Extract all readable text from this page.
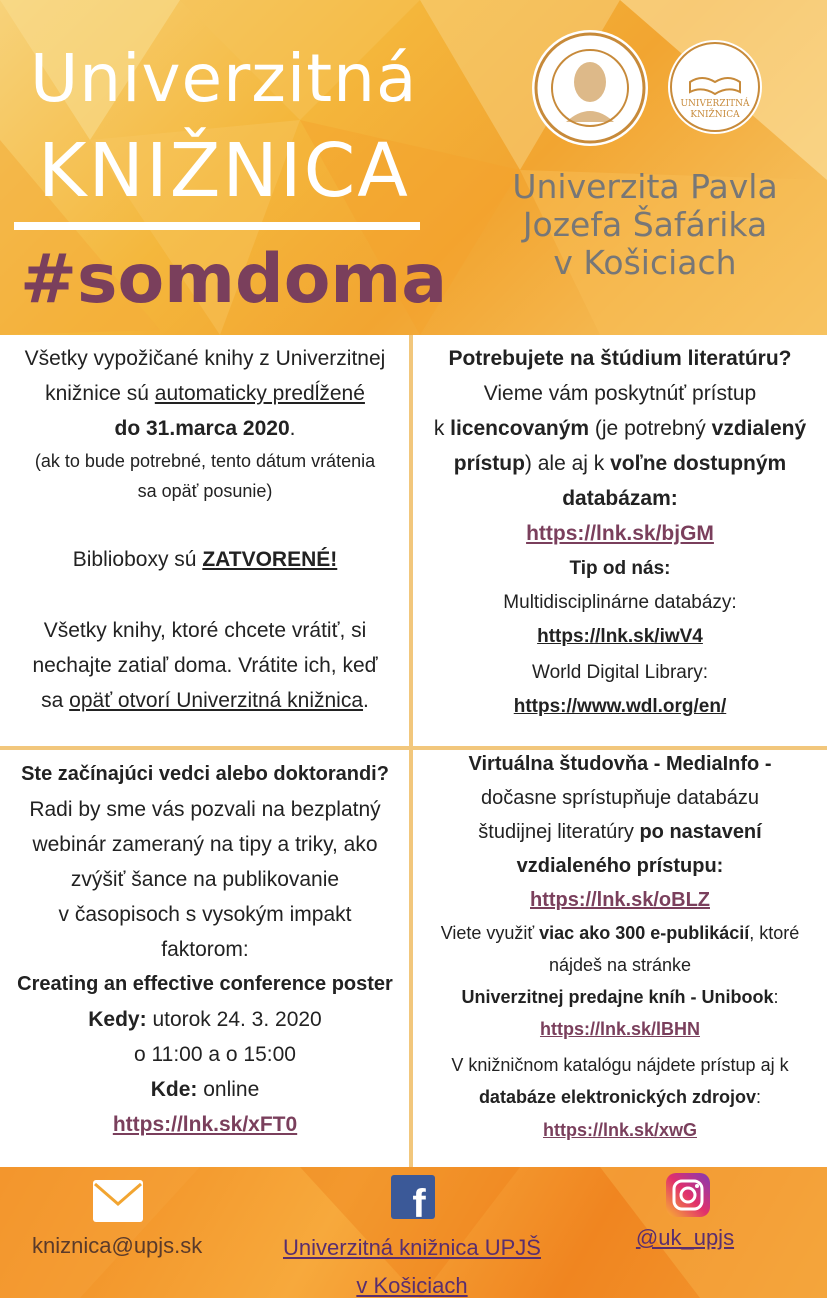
Univerzitná
KNIŽNICA
#somdoma
UNIVERZITNÁ
KNIŽNICA
Univerzita Pavla
Jozefa Šafárika
v Košiciach

Všetky vypožičané knihy z Univerzitnej
knižnice sú automaticky predĺžené
do 31.marca 2020.

(ak to bude potrebné, tento dátum vrátenia
sa opäť posunie)

Biblioboxy sú ZATVORENÉ!

Všetky knihy, ktoré chcete vrátiť, si
nechajte zatiaľ doma. Vrátite ich, keď
sa opäť otvorí Univerzitná knižnica.

Potrebujete na štúdium literatúru?

Vieme vám poskytnúť prístup
k licencovaným (je potrebný vzdialený
prístup) ale aj k voľne dostupným
databázam:

https://lnk.sk/bjGM

Tip od nás:

Multidisciplinárne databázy:

https://lnk.sk/iwV4

World Digital Library:

https://www.wdl.org/en/

Ste začínajúci vedci alebo doktorandi?

Radi by sme vás pozvali na bezplatný
webinár zameraný na tipy a triky, ako
zvýšiť šance na publikovanie
v časopisoch s vysokým impakt
faktorom:

Creating an effective conference poster

Kedy: utorok 24. 3. 2020

o 11:00 a o 15:00

Kde: online

https://lnk.sk/xFT0

Virtuálna študovňa - MediaInfo -

dočasne sprístupňuje databázu
študijnej literatúry po nastavení
vzdialeného prístupu:

https://lnk.sk/oBLZ

Viete využiť viac ako 300 e-publikácií, ktoré
nájdeš na stránke
Univerzitnej predajne kníh - Unibook:

https://lnk.sk/lBHN

V knižničnom katalógu nájdete prístup aj k
databáze elektronických zdrojov:

https://lnk.sk/xwG

kniznica@upjs.sk
f
Univerzitná knižnica UPJŠ
v Košiciach
@uk_upjs
